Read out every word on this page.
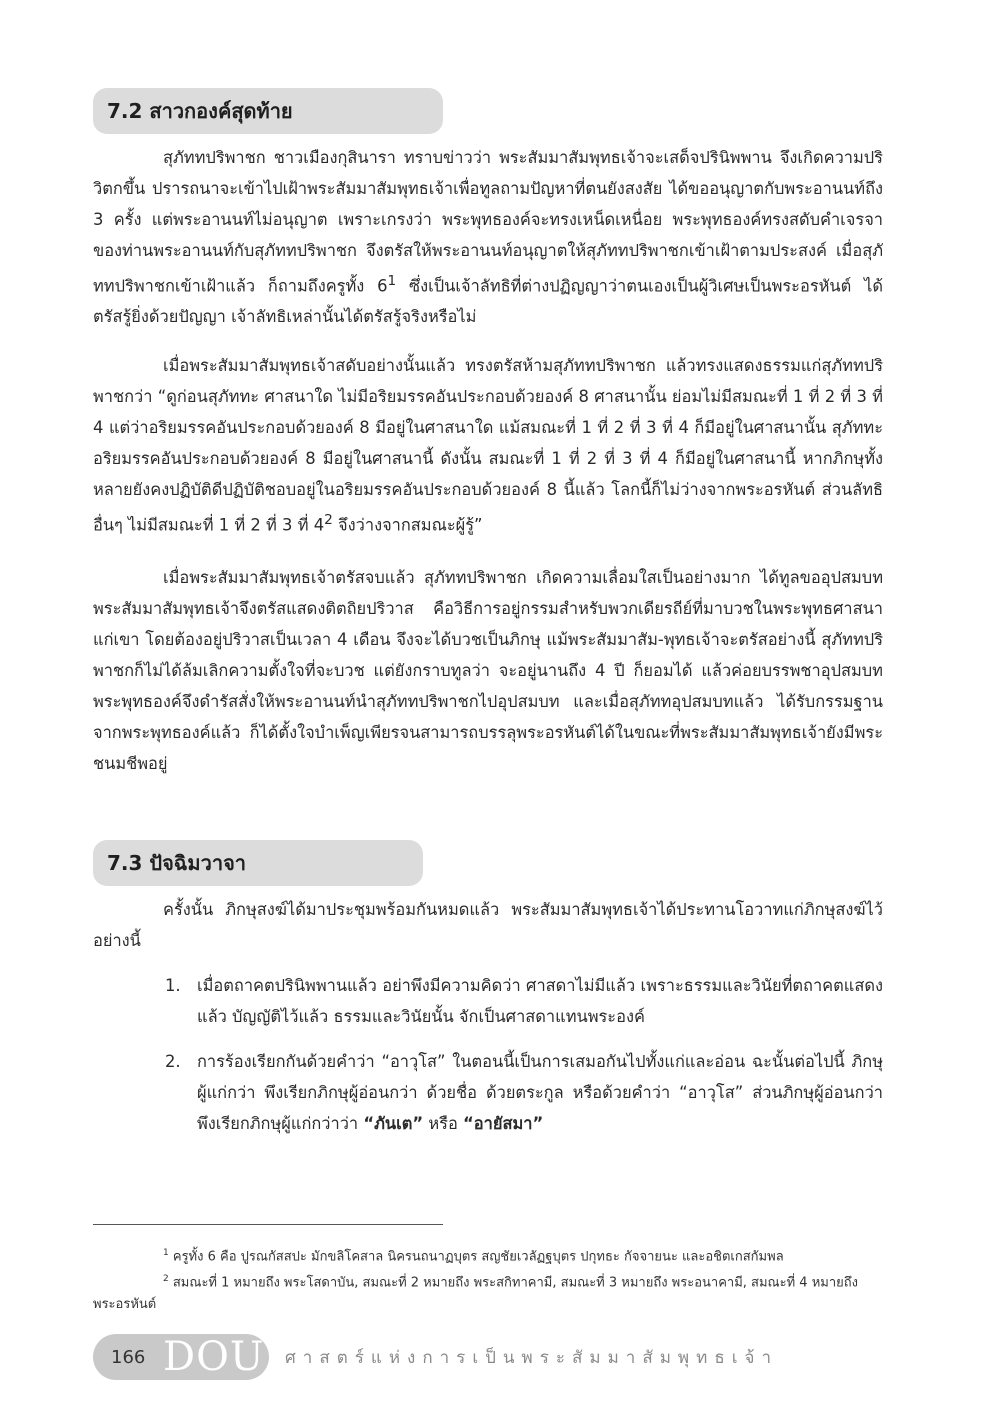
7.2 สาวกองค์สุดท้าย

สุภัททปริพาชก ชาวเมืองกุสินารา ทราบข่าวว่า พระสัมมาสัมพุทธเจ้าจะเสด็จปรินิพพาน จึงเกิดความปริวิตกขึ้น ปรารถนาจะเข้าไปเฝ้าพระสัมมาสัมพุทธเจ้าเพื่อทูลถามปัญหาที่ตนยังสงสัย ได้ขออนุญาตกับพระอานนท์ถึง 3 ครั้ง แต่พระอานนท์ไม่อนุญาต เพราะเกรงว่า พระพุทธองค์จะทรงเหน็ดเหนื่อย พระพุทธองค์ทรงสดับคำเจรจาของท่านพระอานนท์กับสุภัททปริพาชก จึงตรัสให้พระอานนท์อนุญาตให้สุภัททปริพาชกเข้าเฝ้าตามประสงค์ เมื่อสุภัททปริพาชกเข้าเฝ้าแล้ว ก็ถามถึงครูทั้ง $6^1$ ซึ่งเป็นเจ้าลัทธิที่ต่างปฏิญญาว่าตนเองเป็นผู้วิเศษเป็นพระอรหันต์ ได้ตรัสรู้ยิ่งด้วยปัญญา เจ้าลัทธิเหล่านั้นได้ตรัสรู้จริงหรือไม่

เมื่อพระสัมมาสัมพุทธเจ้าสดับอย่างนั้นแล้ว ทรงตรัสห้ามสุภัททปริพาชก แล้วทรงแสดงธรรมแก่สุภัททปริพาชกว่า “ดูก่อนสุภัททะ ศาสนาใด ไม่มีอริยมรรคอันประกอบด้วยองค์ 8 ศาสนานั้น ย่อมไม่มีสมณะที่ 1 ที่ 2 ที่ 3 ที่ 4 แต่ว่าอริยมรรคอันประกอบด้วยองค์ 8 มีอยู่ในศาสนาใด แม้สมณะที่ 1 ที่ 2 ที่ 3 ที่ 4 ก็มีอยู่ในศาสนานั้น สุภัททะ อริยมรรคอันประกอบด้วยองค์ 8 มีอยู่ในศาสนานี้ ดังนั้น สมณะที่ 1 ที่ 2 ที่ 3 ที่ 4 ก็มีอยู่ในศาสนานี้ หากภิกษุทั้งหลายยังคงปฏิบัติดีปฏิบัติชอบอยู่ในอริยมรรคอันประกอบด้วยองค์ 8 นี้แล้ว โลกนี้ก็ไม่ว่างจากพระอรหันต์ ส่วนลัทธิอื่นๆ ไม่มีสมณะที่ 1 ที่ 2 ที่ 3 ที่ $4^2$ จึงว่างจากสมณะผู้รู้”

เมื่อพระสัมมาสัมพุทธเจ้าตรัสจบแล้ว สุภัททปริพาชก เกิดความเลื่อมใสเป็นอย่างมาก ได้ทูลขออุปสมบท พระสัมมาสัมพุทธเจ้าจึงตรัสแสดงติตถิยปริวาส คือวิธีการอยู่กรรมสำหรับพวกเดียรถีย์ที่มาบวชในพระพุทธศาสนาแก่เขา โดยต้องอยู่ปริวาสเป็นเวลา 4 เดือน จึงจะได้บวชเป็นภิกษุ แม้พระสัมมาสัม-พุทธเจ้าจะตรัสอย่างนี้ สุภัททปริพาชกก็ไม่ได้ล้มเลิกความตั้งใจที่จะบวช แต่ยังกราบทูลว่า จะอยู่นานถึง 4 ปี ก็ยอมได้ แล้วค่อยบรรพชาอุปสมบท พระพุทธองค์จึงดำรัสสั่งให้พระอานนท์นำสุภัททปริพาชกไปอุปสมบท และเมื่อสุภัททอุปสมบทแล้ว ได้รับกรรมฐานจากพระพุทธองค์แล้ว ก็ได้ตั้งใจบำเพ็ญเพียรจนสามารถบรรลุพระอรหันต์ได้ในขณะที่พระสัมมาสัมพุทธเจ้ายังมีพระชนมชีพอยู่

7.3 ปัจฉิมวาจา

ครั้งนั้น ภิกษุสงฆ์ได้มาประชุมพร้อมกันหมดแล้ว พระสัมมาสัมพุทธเจ้าได้ประทานโอวาทแก่ภิกษุสงฆ์ไว้อย่างนี้

1. เมื่อตถาคตปรินิพพานแล้ว อย่าพึงมีความคิดว่า ศาสดาไม่มีแล้ว เพราะธรรมและวินัยที่ตถาคตแสดงแล้ว บัญญัติไว้แล้ว ธรรมและวินัยนั้น จักเป็นศาสดาแทนพระองค์
2. การร้องเรียกกันด้วยคำว่า “อาวุโส” ในตอนนี้เป็นการเสมอกันไปทั้งแก่และอ่อน ฉะนั้นต่อไปนี้ ภิกษุผู้แก่กว่า พึงเรียกภิกษุผู้อ่อนกว่า ด้วยชื่อ ด้วยตระกูล หรือด้วยคำว่า “อาวุโส” ส่วนภิกษุผู้อ่อนกว่า พึงเรียกภิกษุผู้แก่กว่าว่า “ภันเต” หรือ “อายัสมา”
$^1$ ครูทั้ง 6 คือ ปูรณกัสสปะ มักขลิโคสาล นิครนถนาฏบุตร สญชัยเวลัฏฐบุตร ปกุทธะ กัจจายนะ และอชิตเกสกัมพล
$^2$ สมณะที่ 1 หมายถึง พระโสดาบัน, สมณะที่ 2 หมายถึง พระสกิทาคามี, สมณะที่ 3 หมายถึง พระอนาคามี, สมณะที่ 4 หมายถึง พระอรหันต์
166 DOU ศาสตร์แห่งการเป็นพระสัมมาสัมพุทธเจ้า
